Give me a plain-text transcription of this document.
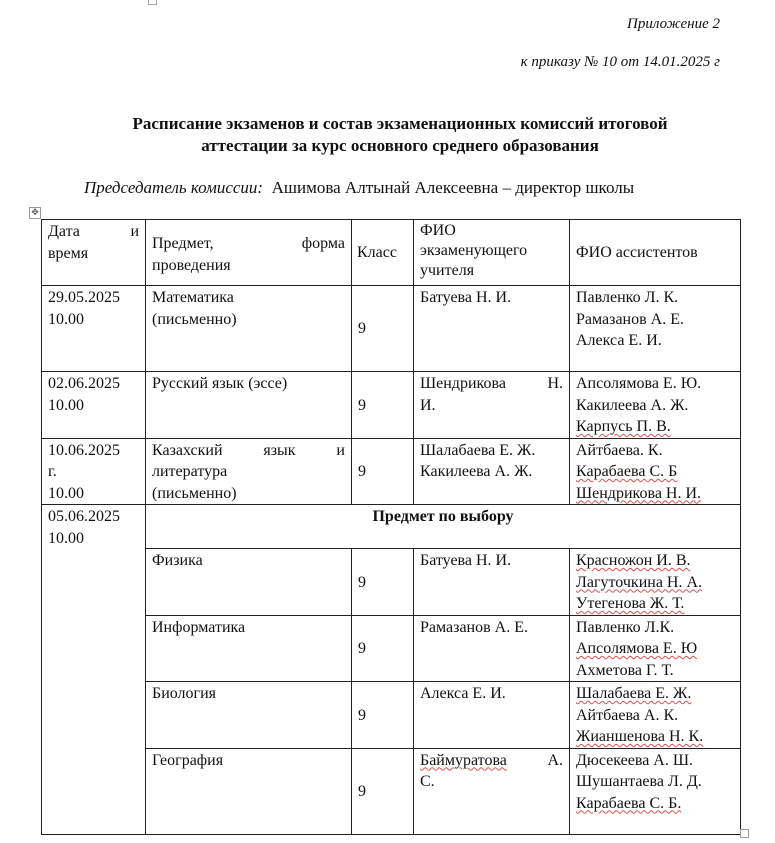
Приложение 2
к приказу № 10 от 14.01.2025 г
Расписание экзаменов и состав экзаменационных комиссий итоговой
аттестации за курс основного среднего образования
Председатель комиссии: Ашимова Алтынай Алексеевна – директор школы
✥
Дата и
время	Предмет, форма
проведения	Класс	ФИО
экзаменующего
учителя	ФИО ассистентов

29.05.2025
10.00	Математика
(письменно)	9	Батуева Н. И.	Павленко Л. К.
Рамазанов А. Е.
Алекса Е. И.

02.06.2025
10.00	Русский язык (эссе)	9	Шендрикова Н.
И.	Апсолямова Е. Ю.
Какилеева А. Ж.
Карпусь П. В.

10.06.2025
г.
10.00	Казахский язык и
литература
(письменно)	9	Шалабаева Е. Ж.
Какилеева А. Ж.	Айтбаева. К.
Карабаева С. Б
Шендрикова Н. И.

05.06.2025
10.00	Предмет по выбору			
	Физика	9	Батуева Н. И.	Красножон И. В.
Лагуточкина Н. А.
Утегенова Ж. Т.

	Информатика	9	Рамазанов А. Е.	Павленко Л.К.
Апсолямова Е. Ю
Ахметова Г. Т.

	Биология	9	Алекса Е. И.	Шалабаева Е. Ж.
Айтбаева А. К.
Жианшенова Н. К.

	География	9	Баймуратова А.
С.	Дюсекеева А. Ш.
Шушантаева Л. Д.
Карабаева С. Б.
